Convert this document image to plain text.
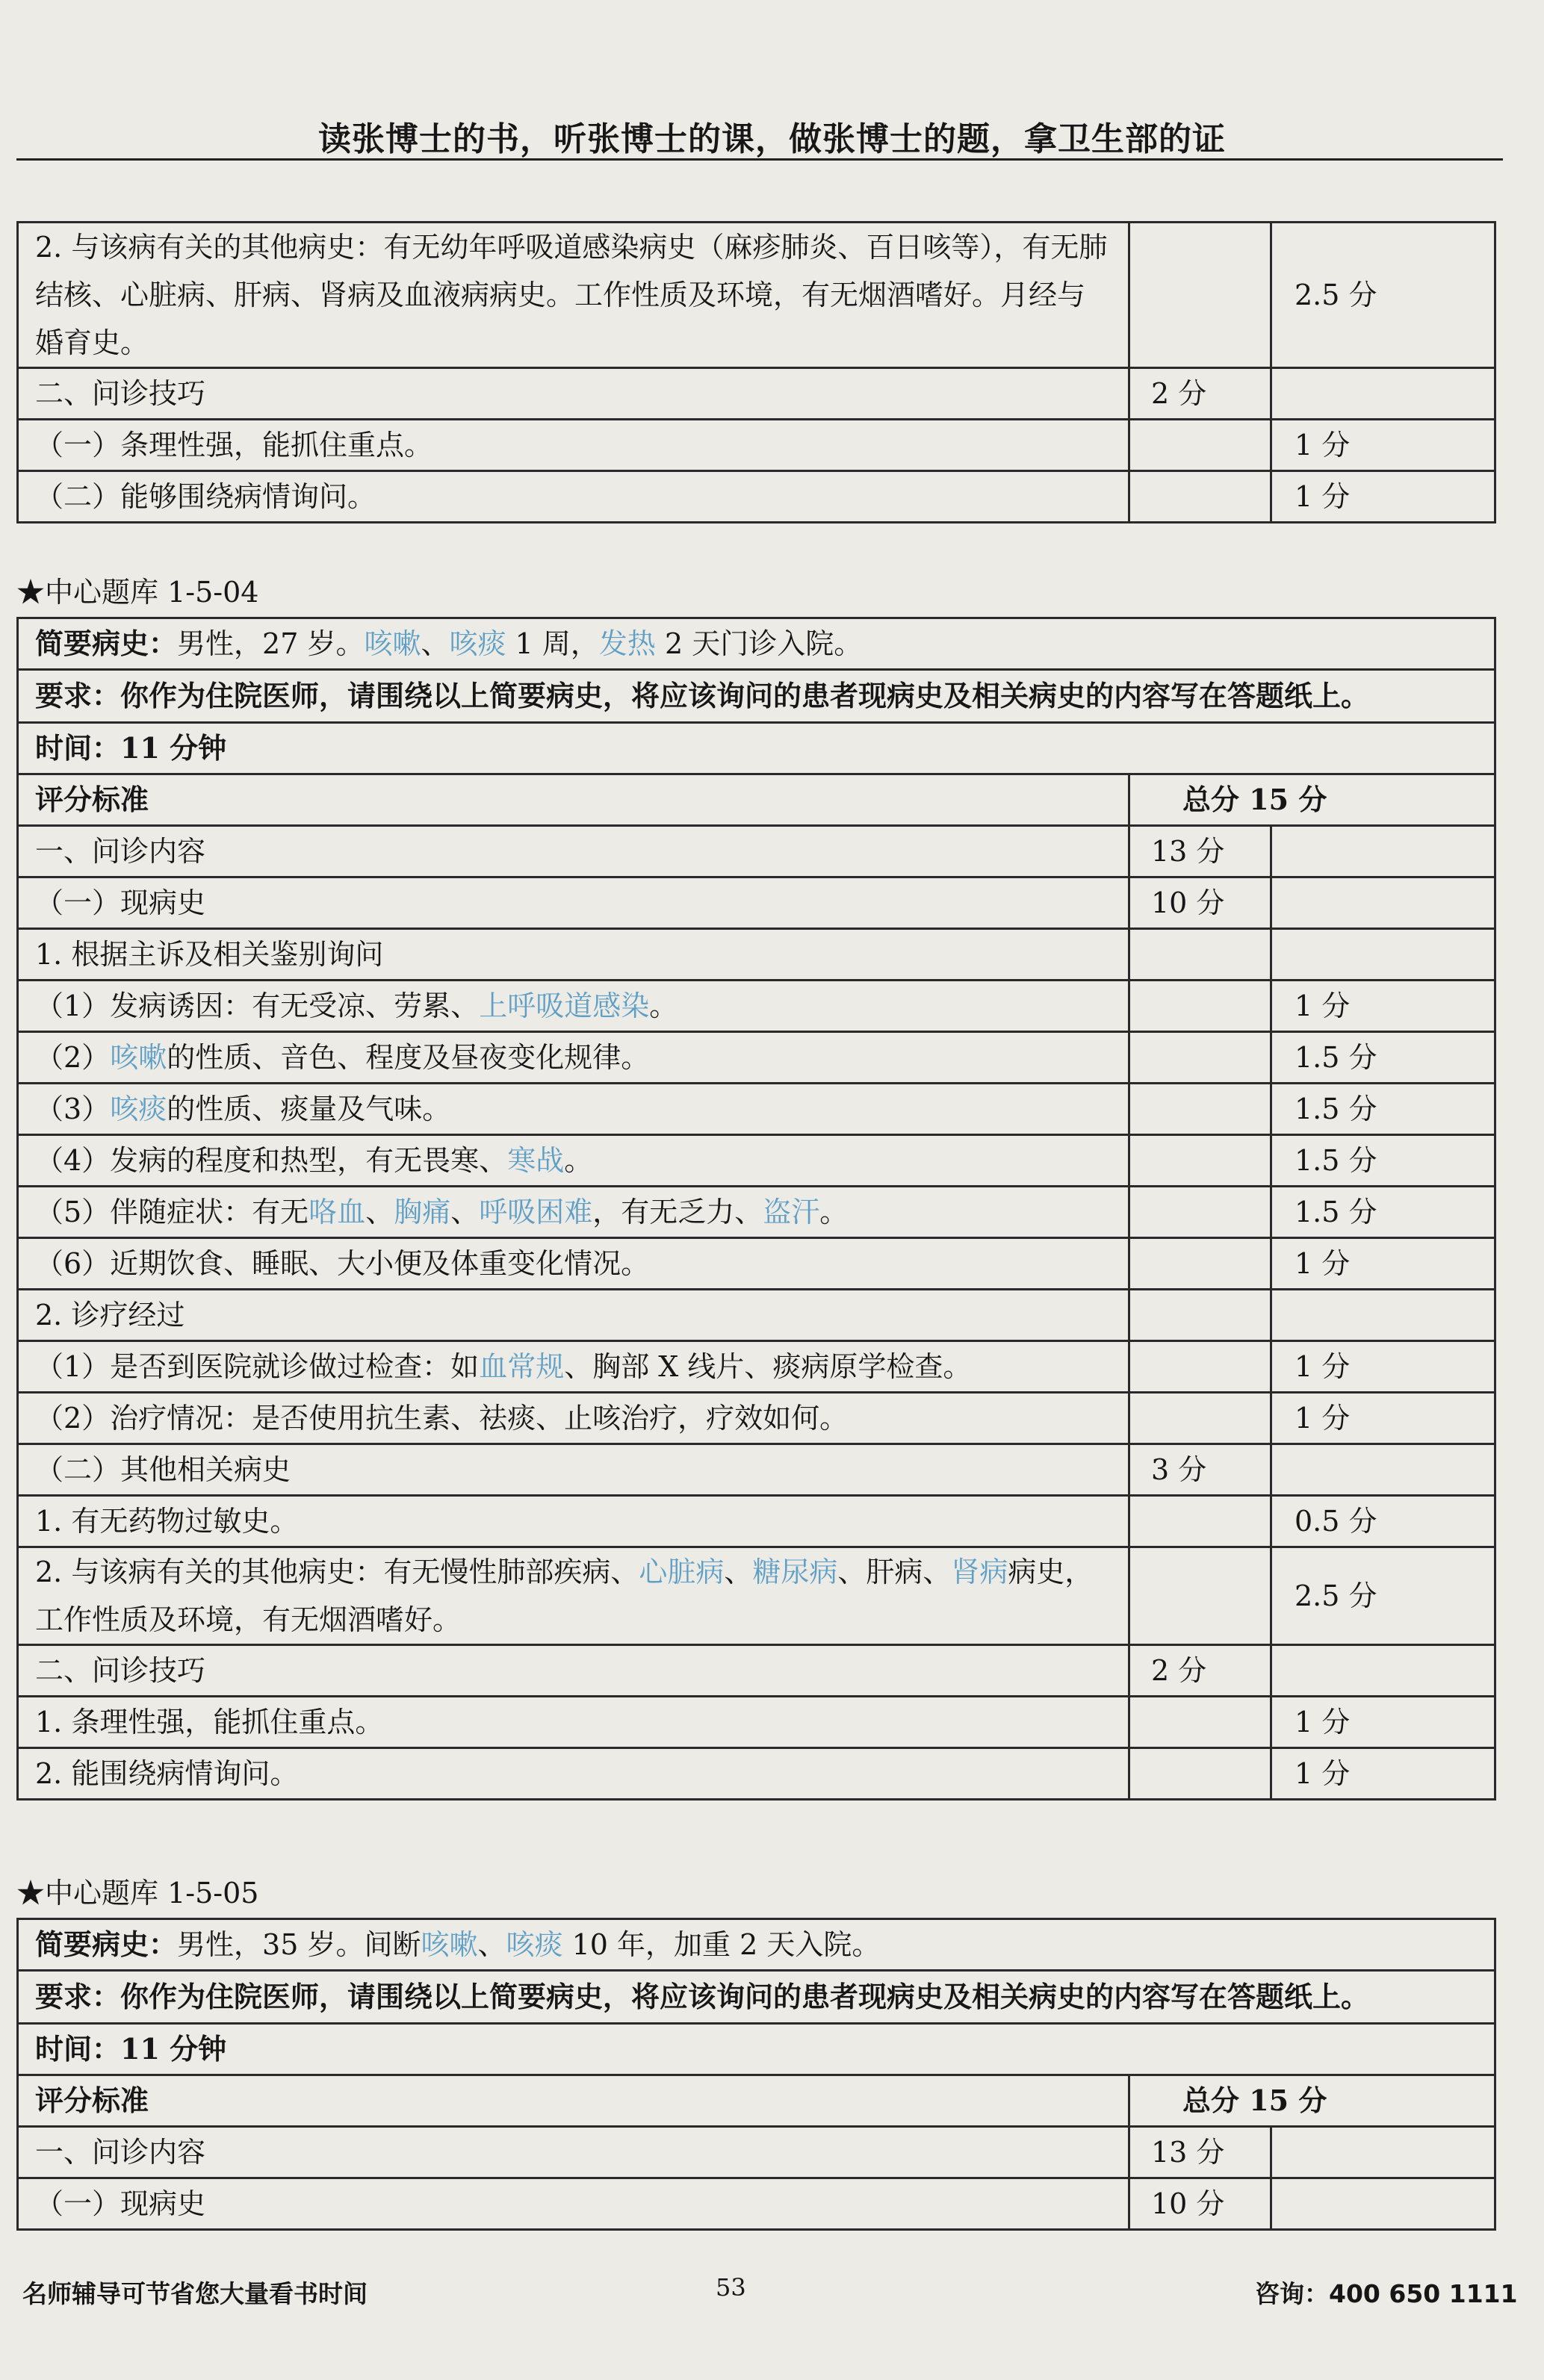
读张博士的书，听张博士的课，做张博士的题，拿卫生部的证
2. 与该病有关的其他病史：有无幼年呼吸道感染病史（麻疹肺炎、百日咳等），有无肺结核、心脏病、肝病、肾病及血液病病史。工作性质及环境，有无烟酒嗜好。月经与婚育史。		2.5 分
二、问诊技巧	2 分	
（一）条理性强，能抓住重点。		1 分
（二）能够围绕病情询问。		1 分
★中心题库 1-5-04
简要病史：男性，27 岁。咳嗽、咳痰 1 周，发热 2 天门诊入院。		
要求：你作为住院医师，请围绕以上简要病史，将应该询问的患者现病史及相关病史的内容写在答题纸上。		
时间：11 分钟		
评分标准	总分 15 分	
一、问诊内容	13 分	
（一）现病史	10 分	
1. 根据主诉及相关鉴别询问		
（1）发病诱因：有无受凉、劳累、上呼吸道感染。		1 分
（2）咳嗽的性质、音色、程度及昼夜变化规律。		1.5 分
（3）咳痰的性质、痰量及气味。		1.5 分
（4）发病的程度和热型，有无畏寒、寒战。		1.5 分
（5）伴随症状：有无咯血、胸痛、呼吸困难，有无乏力、盗汗。		1.5 分
（6）近期饮食、睡眠、大小便及体重变化情况。		1 分
2. 诊疗经过		
（1）是否到医院就诊做过检查：如血常规、胸部 X 线片、痰病原学检查。		1 分
（2）治疗情况：是否使用抗生素、祛痰、止咳治疗，疗效如何。		1 分
（二）其他相关病史	3 分	
1. 有无药物过敏史。		0.5 分
2. 与该病有关的其他病史：有无慢性肺部疾病、心脏病、糖尿病、肝病、肾病病史，工作性质及环境，有无烟酒嗜好。		2.5 分
二、问诊技巧	2 分	
1. 条理性强，能抓住重点。		1 分
2. 能围绕病情询问。		1 分
★中心题库 1-5-05
简要病史：男性，35 岁。间断咳嗽、咳痰 10 年，加重 2 天入院。		
要求：你作为住院医师，请围绕以上简要病史，将应该询问的患者现病史及相关病史的内容写在答题纸上。		
时间：11 分钟		
评分标准	总分 15 分	
一、问诊内容	13 分	
（一）现病史	10 分	
名师辅导可节省您大量看书时间	53	咨询：400 650 1111
